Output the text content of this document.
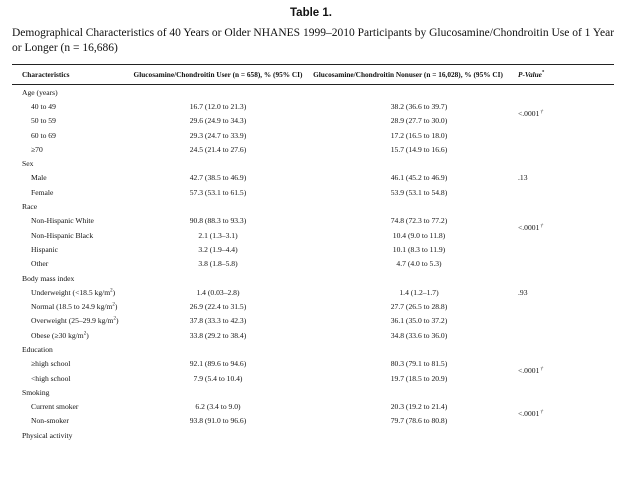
Table 1.
Demographical Characteristics of 40 Years or Older NHANES 1999–2010 Participants by Glucosamine/Chondroitin Use of 1 Year or Longer (n = 16,686)
Characteristics	Glucosamine/Chondroitin User (n = 658), % (95% CI)	Glucosamine/Chondroitin Nonuser (n = 16,028), % (95% CI)	P-Value*
Age (years)			
40 to 49	16.7 (12.0 to 21.3)	38.2 (36.6 to 39.7)	<.0001†
50 to 59	29.6 (24.9 to 34.3)	28.9 (27.7 to 30.0)	
60 to 69	29.3 (24.7 to 33.9)	17.2 (16.5 to 18.0)	
≥70	24.5 (21.4 to 27.6)	15.7 (14.9 to 16.6)	
Sex			
Male	42.7 (38.5 to 46.9)	46.1 (45.2 to 46.9)	.13
Female	57.3 (53.1 to 61.5)	53.9 (53.1 to 54.8)	
Race			
Non-Hispanic White	90.8 (88.3 to 93.3)	74.8 (72.3 to 77.2)	<.0001†
Non-Hispanic Black	2.1 (1.3–3.1)	10.4 (9.0 to 11.8)	
Hispanic	3.2 (1.9–4.4)	10.1 (8.3 to 11.9)	
Other	3.8 (1.8–5.8)	4.7 (4.0 to 5.3)	
Body mass index			
Underweight (<18.5 $kg/m^2$)	1.4 (0.03–2.8)	1.4 (1.2–1.7)	.93
Normal (18.5 to 24.9 $kg/m^2$)	26.9 (22.4 to 31.5)	27.7 (26.5 to 28.8)	
Overweight (25–29.9 $kg/m^2$)	37.8 (33.3 to 42.3)	36.1 (35.0 to 37.2)	
Obese (≥30 $kg/m^2$)	33.8 (29.2 to 38.4)	34.8 (33.6 to 36.0)	
Education			
≥high school	92.1 (89.6 to 94.6)	80.3 (79.1 to 81.5)	<.0001†
<high school	7.9 (5.4 to 10.4)	19.7 (18.5 to 20.9)	
Smoking			
Current smoker	6.2 (3.4 to 9.0)	20.3 (19.2 to 21.4)	<.0001†
Non-smoker	93.8 (91.0 to 96.6)	79.7 (78.6 to 80.8)	
Physical activity			
